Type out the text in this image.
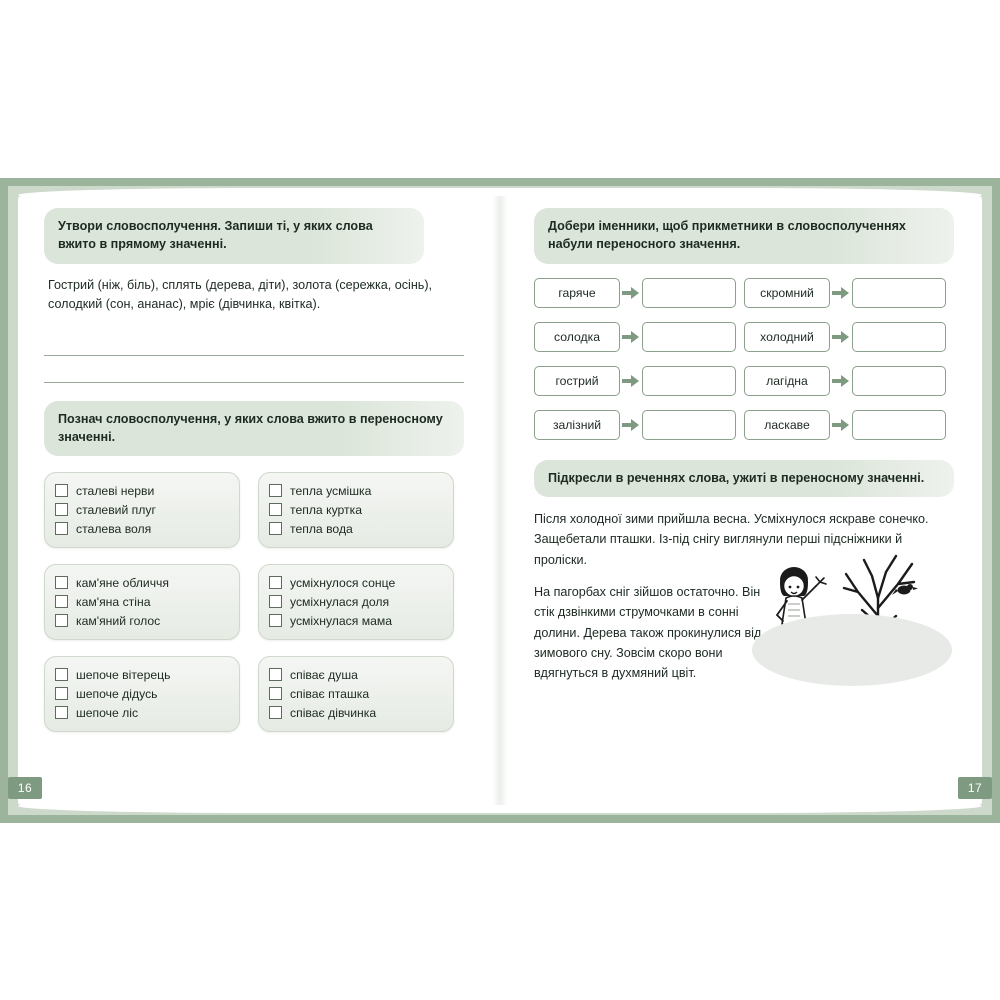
16	17
Утвори словосполучення. Запиши ті, у яких слова вжито в прямому значенні.
Гострий (ніж, біль), сплять (дерева, діти), золота (сережка, осінь), солодкий (сон, ананас), мріє (дівчинка, квітка).
Познач словосполучення, у яких слова вжито в переносному значенні.
сталеві нерви
сталевий плуг
сталева воля
тепла усмішка
тепла куртка
тепла вода
кам'яне обличчя
кам'яна стіна
кам'яний голос
усміхнулося сонце
усміхнулася доля
усміхнулася мама
шепоче вітерець
шепоче дідусь
шепоче ліс
співає душа
співає пташка
співає дівчинка
Добери іменники, щоб прикметники в словосполученнях набули переносного значення.
гаряче	скромний
солодка	холодний
гострий	лагідна
залізний	ласкаве
Підкресли в реченнях слова, ужиті в переносному значенні.
Після холодної зими прийшла весна. Усміхнулося яскраве сонечко. Защебетали пташки. Із-під снігу виглянули перші підсніжники й проліски.
На пагорбах сніг зійшов остаточно. Він стік дзвінкими струмочками в сонні долини. Дерева також прокинулися від зимового сну. Зовсім скоро вони вдягнуться в духмяний цвіт.
